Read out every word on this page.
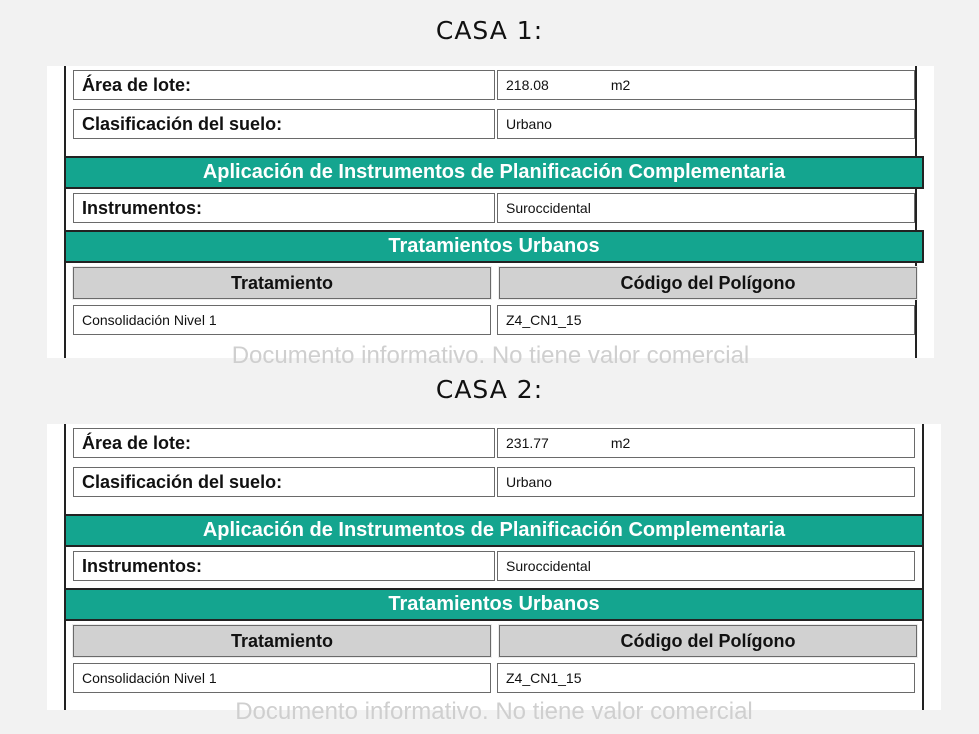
CASA 1:
Área de lote:	218.08	m2
Clasificación del suelo:	Urbano
Aplicación de Instrumentos de Planificación Complementaria
Instrumentos:	Suroccidental
Tratamientos Urbanos
Tratamiento	Código del Polígono
Consolidación Nivel 1	Z4_CN1_15
Documento informativo. No tiene valor comercial
CASA 2:
Área de lote:	231.77	m2
Clasificación del suelo:	Urbano
Aplicación de Instrumentos de Planificación Complementaria
Instrumentos:	Suroccidental
Tratamientos Urbanos
Tratamiento	Código del Polígono
Consolidación Nivel 1	Z4_CN1_15
Documento informativo. No tiene valor comercial
